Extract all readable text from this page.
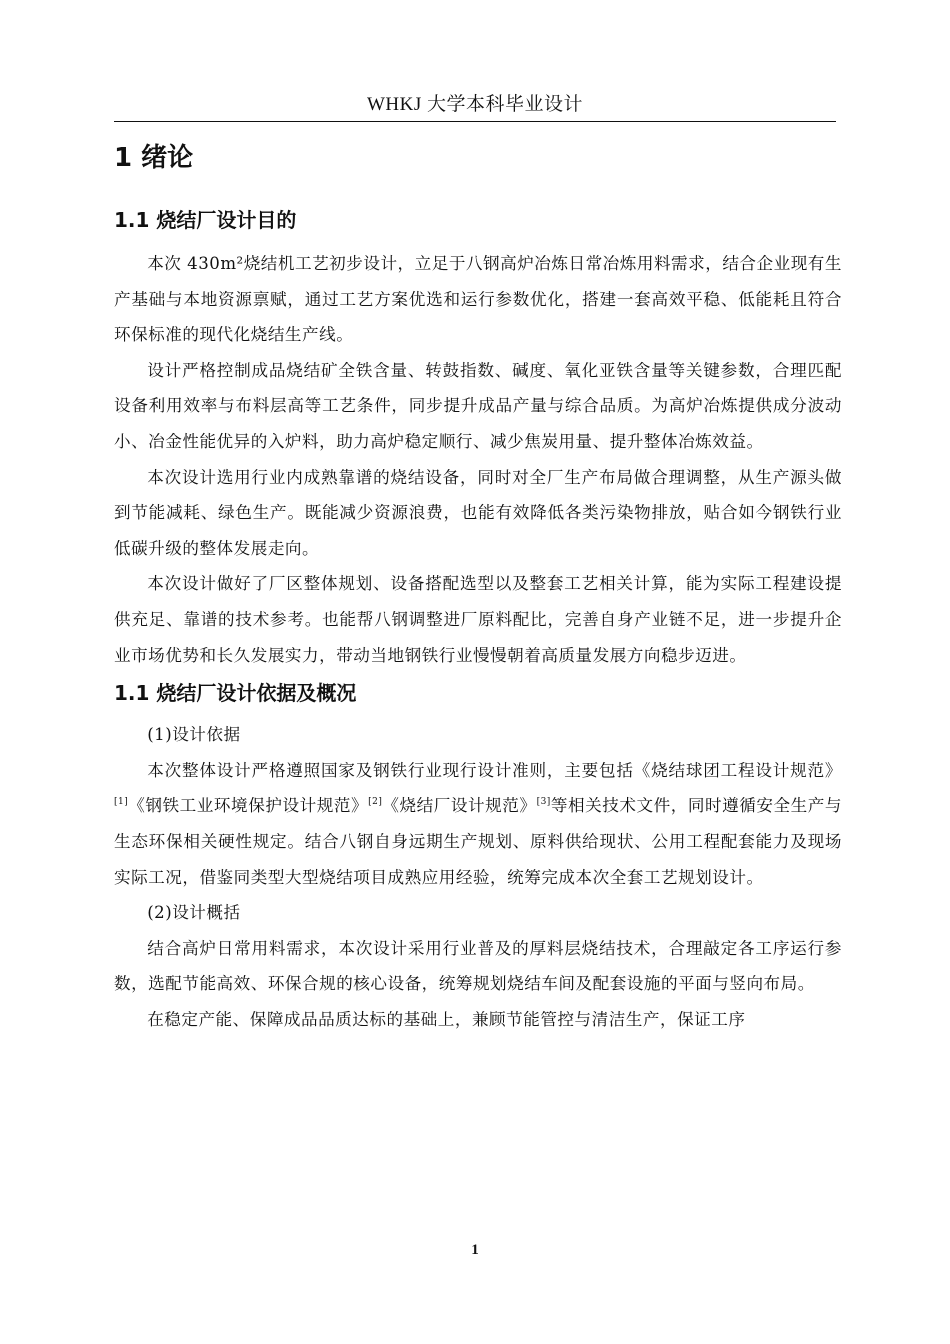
WHKJ 大学本科毕业设计
1 绪论
1.1 烧结厂设计目的

本次 430m²烧结机工艺初步设计，立足于八钢高炉冶炼日常冶炼用料需求，结合企业现有生产基础与本地资源禀赋，通过工艺方案优选和运行参数优化，搭建一套高效平稳、低能耗且符合环保标准的现代化烧结生产线。

设计严格控制成品烧结矿全铁含量、转鼓指数、碱度、氧化亚铁含量等关键参数，合理匹配设备利用效率与布料层高等工艺条件，同步提升成品产量与综合品质。为高炉冶炼提供成分波动小、冶金性能优异的入炉料，助力高炉稳定顺行、减少焦炭用量、提升整体冶炼效益。

本次设计选用行业内成熟靠谱的烧结设备，同时对全厂生产布局做合理调整，从生产源头做到节能减耗、绿色生产。既能减少资源浪费，也能有效降低各类污染物排放，贴合如今钢铁行业低碳升级的整体发展走向。

本次设计做好了厂区整体规划、设备搭配选型以及整套工艺相关计算，能为实际工程建设提供充足、靠谱的技术参考。也能帮八钢调整进厂原料配比，完善自身产业链不足，进一步提升企业市场优势和长久发展实力，带动当地钢铁行业慢慢朝着高质量发展方向稳步迈进。

1.1 烧结厂设计依据及概况

(1)设计依据

本次整体设计严格遵照国家及钢铁行业现行设计准则，主要包括《烧结球团工程设计规范》[1]《钢铁工业环境保护设计规范》[2]《烧结厂设计规范》[3]等相关技术文件，同时遵循安全生产与生态环保相关硬性规定。结合八钢自身远期生产规划、原料供给现状、公用工程配套能力及现场实际工况，借鉴同类型大型烧结项目成熟应用经验，统筹完成本次全套工艺规划设计。

(2)设计概括

结合高炉日常用料需求，本次设计采用行业普及的厚料层烧结技术，合理敲定各工序运行参数，选配节能高效、环保合规的核心设备，统筹规划烧结车间及配套设施的平面与竖向布局。

在稳定产能、保障成品品质达标的基础上，兼顾节能管控与清洁生产，保证工序

1
